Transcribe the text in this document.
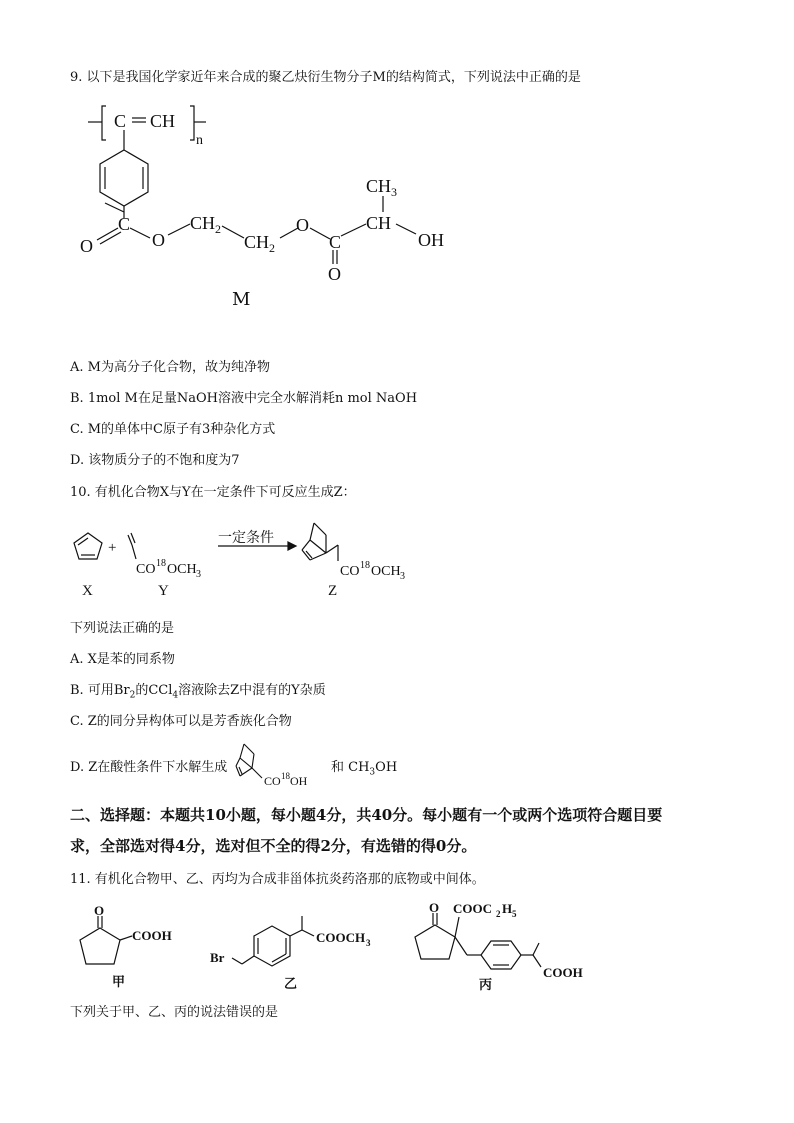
9. 以下是我国化学家近年来合成的聚乙炔衍生物分子M的结构简式，下列说法中正确的是
C CH
n
O
C
O
CH 2
CH 2
O
C
O
CH
CH 3
OH
M
A. M为高分子化合物，故为纯净物
B. 1mol M在足量NaOH溶液中完全水解消耗n mol NaOH
C. M的单体中C原子有3种杂化方式
D. 该物质分子的不饱和度为7
10. 有机化合物X与Y在一定条件下可反应生成Z：
+
CO 18 OCH 3
一定条件
CO 18 OCH 3
X	Y	Z
下列说法正确的是
A. X是苯的同系物
B. 可用$Br_2$的CCl$_4$溶液除去Z中混有的Y杂质
C. Z的同分异构体可以是芳香族化合物
D. Z在酸性条件下水解生成
CO 18 OH
和 $CH_3OH$
二、选择题：本题共10小题，每小题4分，共40分。每小题有一个或两个选项符合题目要
求，全部选对得4分，选对但不全的得2分，有选错的得0分。
11. 有机化合物甲、乙、丙均为合成非甾体抗炎药洛那的底物或中间体。
O
COOH
甲
Br
COOCH 3
乙
O COOC 2 H 5
COOH
丙
下列关于甲、乙、丙的说法错误的是
